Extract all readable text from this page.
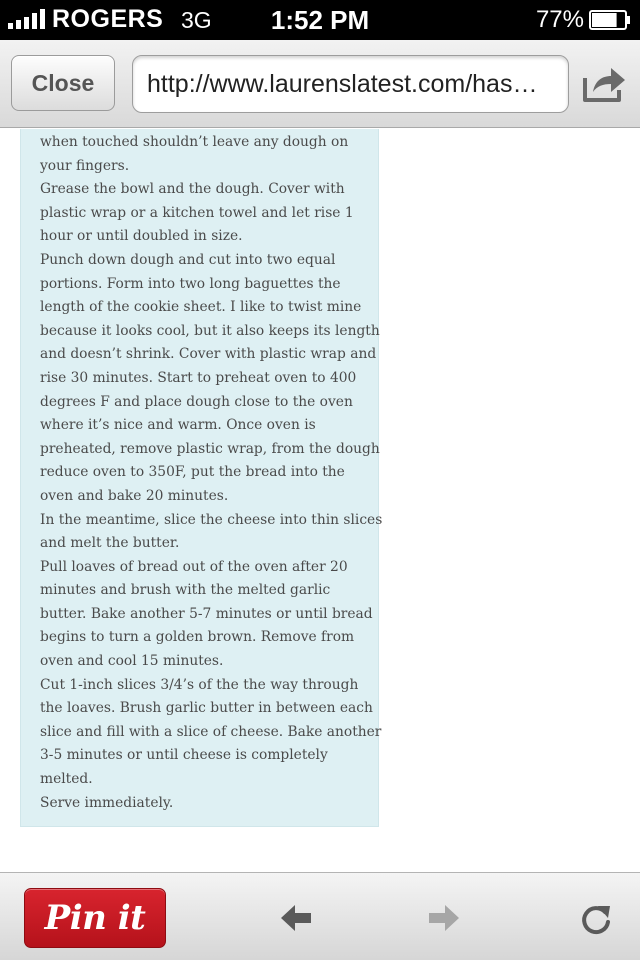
ROGERS 3G	1:52 PM	77%
Close	http://www.laurenslatest.com/has…

when touched shouldn’t leave any dough on

your fingers.

Grease the bowl and the dough. Cover with

plastic wrap or a kitchen towel and let rise 1

hour or until doubled in size.

Punch down dough and cut into two equal

portions. Form into two long baguettes the

length of the cookie sheet. I like to twist mine

because it looks cool, but it also keeps its length

and doesn’t shrink. Cover with plastic wrap and

rise 30 minutes. Start to preheat oven to 400

degrees F and place dough close to the oven

where it’s nice and warm. Once oven is

preheated, remove plastic wrap, from the dough

reduce oven to 350F, put the bread into the

oven and bake 20 minutes.

In the meantime, slice the cheese into thin slices

and melt the butter.

Pull loaves of bread out of the oven after 20

minutes and brush with the melted garlic

butter. Bake another 5-7 minutes or until bread

begins to turn a golden brown. Remove from

oven and cool 15 minutes.

Cut 1-inch slices 3/4’s of the the way through

the loaves. Brush garlic butter in between each

slice and fill with a slice of cheese. Bake another

3-5 minutes or until cheese is completely

melted.

Serve immediately.

Pin it
